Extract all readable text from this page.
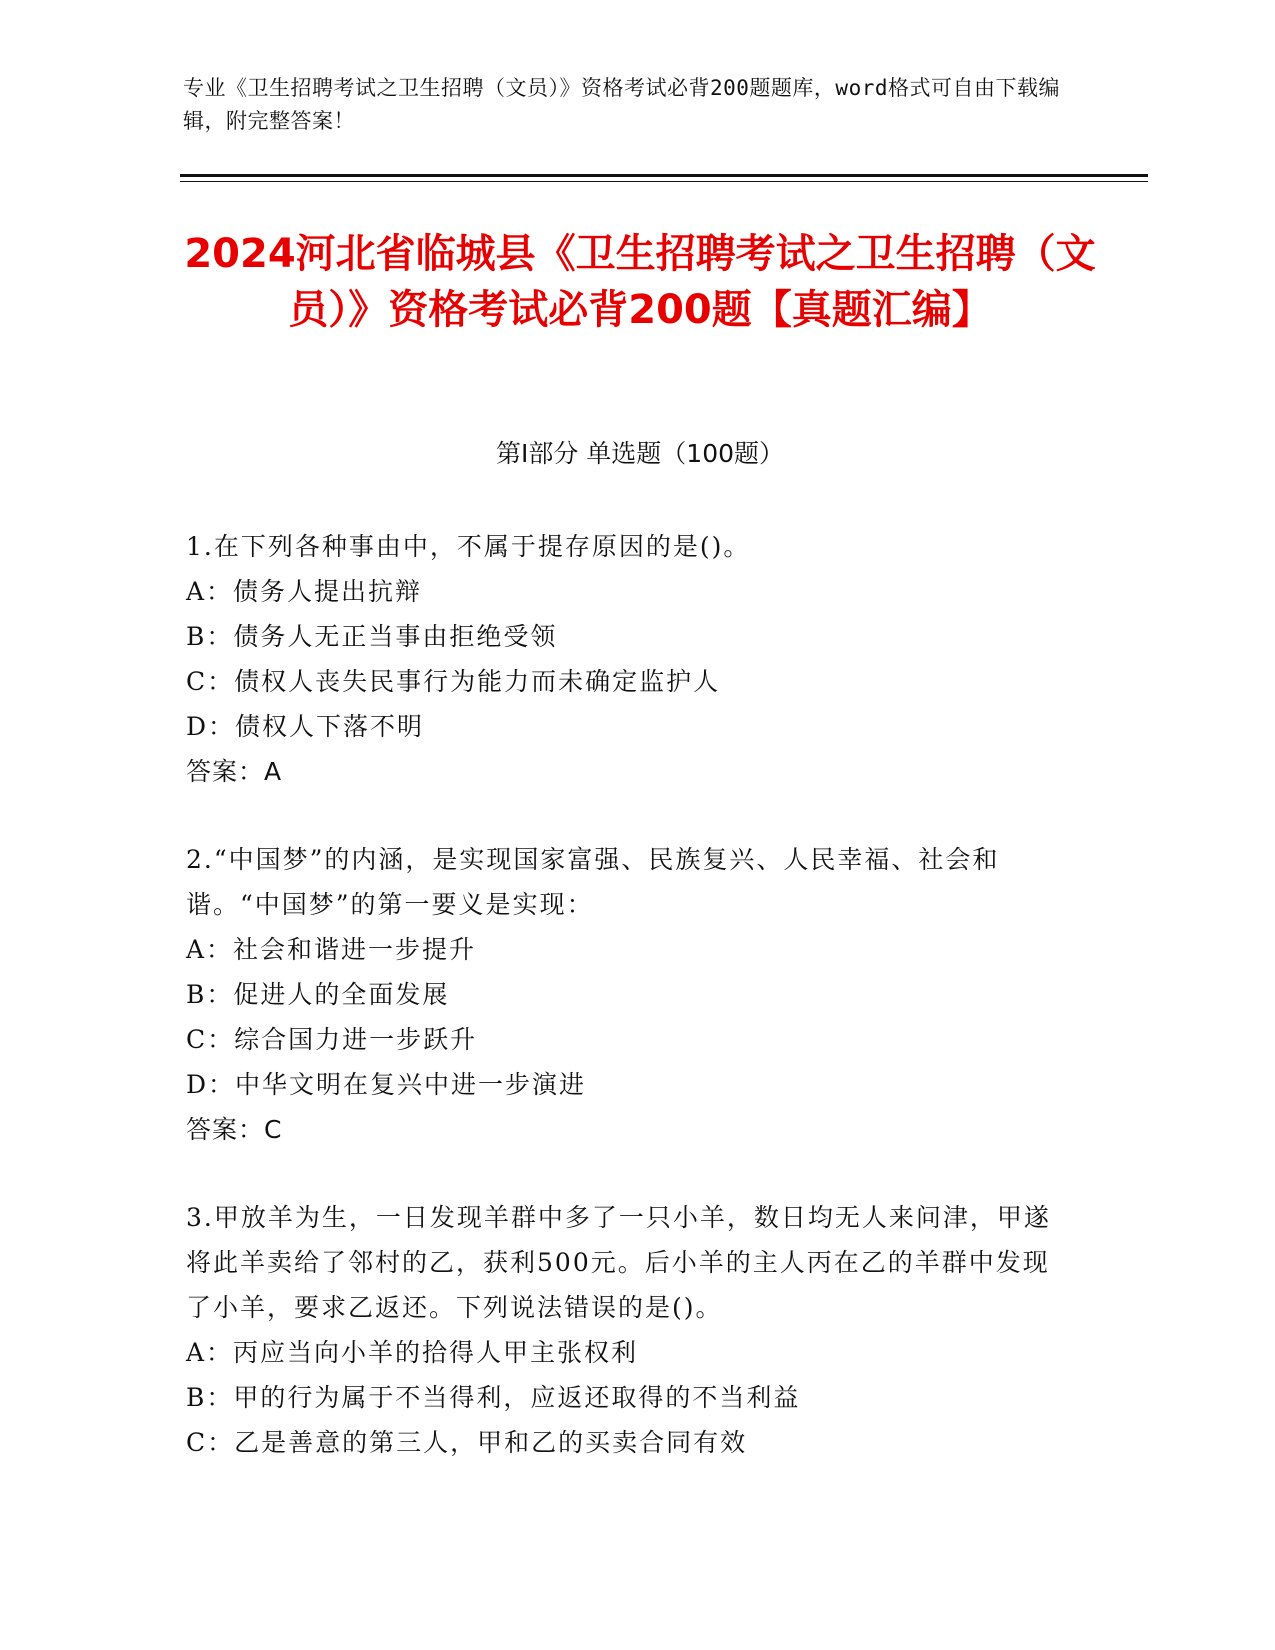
专业《卫生招聘考试之卫生招聘（文员）》资格考试必背200题题库，word格式可自由下载编辑，附完整答案！
2024河北省临城县《卫生招聘考试之卫生招聘（文员）》资格考试必背200题【真题汇编】
第I部分 单选题（100题）

1.在下列各种事由中，不属于提存原因的是()。

A：债务人提出抗辩

B：债务人无正当事由拒绝受领

C：债权人丧失民事行为能力而未确定监护人

D：债权人下落不明

答案：A

2.“中国梦”的内涵，是实现国家富强、民族复兴、人民幸福、社会和谐。“中国梦”的第一要义是实现：

A：社会和谐进一步提升

B：促进人的全面发展

C：综合国力进一步跃升

D：中华文明在复兴中进一步演进

答案：C

3.甲放羊为生，一日发现羊群中多了一只小羊，数日均无人来问津，甲遂将此羊卖给了邻村的乙，获利500元。后小羊的主人丙在乙的羊群中发现了小羊，要求乙返还。下列说法错误的是()。

A：丙应当向小羊的拾得人甲主张权利

B：甲的行为属于不当得利，应返还取得的不当利益

C：乙是善意的第三人，甲和乙的买卖合同有效
